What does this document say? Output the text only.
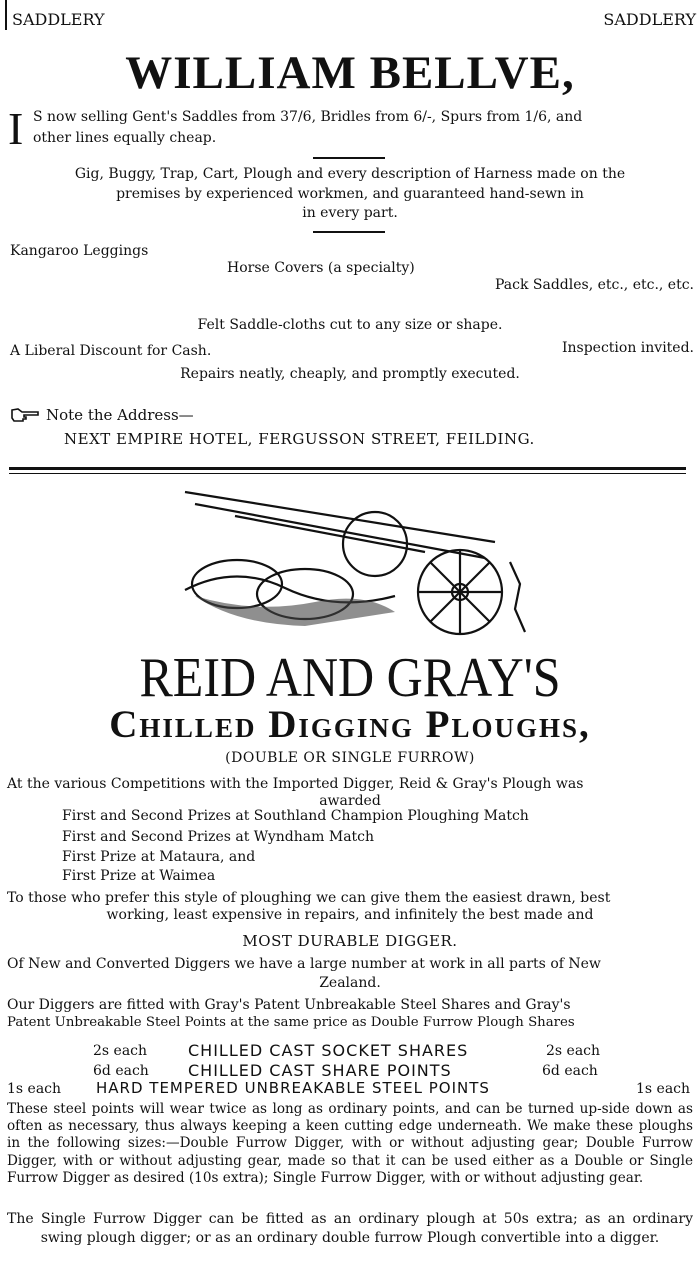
SADDLERY	SADDLERY
WILLIAM BELLVE,
I S now selling Gent's Saddles from 37/6, Bridles from 6/-, Spurs from 1/6, and
other lines equally cheap.
Gig, Buggy, Trap, Cart, Plough and every description of Harness made on the
premises by experienced workmen, and guaranteed hand-sewn in
in every part.
Kangaroo Leggings
Horse Covers (a specialty)
Pack Saddles, etc., etc., etc.
Felt Saddle-cloths cut to any size or shape.
A Liberal Discount for Cash.	Inspection invited.
Repairs neatly, cheaply, and promptly executed.
Note the Address—
NEXT EMPIRE HOTEL, FERGUSSON STREET, FEILDING.
REID AND GRAY'S
Chilled Digging Ploughs,
(DOUBLE OR SINGLE FURROW)
At the various Competitions with the Imported Digger, Reid & Gray's Plough was
awarded
First and Second Prizes at Southland Champion Ploughing Match
First and Second Prizes at Wyndham Match
First Prize at Mataura, and
First Prize at Waimea
To those who prefer this style of ploughing we can give them the easiest drawn, best
working, least expensive in repairs, and infinitely the best made and
MOST DURABLE DIGGER.
Of New and Converted Diggers we have a large number at work in all parts of New
Zealand.
Our Diggers are fitted with Gray's Patent Unbreakable Steel Shares and Gray's
Patent Unbreakable Steel Points at the same price as Double Furrow Plough Shares
2s each	CHILLED CAST SOCKET SHARES	2s each
6d each CHILLED CAST SHARE POINTS	6d each
1s each HARD TEMPERED UNBREAKABLE STEEL POINTS	1s each
These steel points will wear twice as long as ordinary points, and can be turned up-side down as often as necessary, thus always keeping a keen cutting edge underneath. We make these ploughs in the following sizes:—Double Furrow Digger, with or without adjusting gear; Double Furrow Digger, with or without adjusting gear, made so that it can be used either as a Double or Single Furrow Digger as desired (10s extra); Single Furrow Digger, with or without adjusting gear.
The Single Furrow Digger can be fitted as an ordinary plough at 50s extra; as an ordinary swing plough digger; or as an ordinary double furrow Plough convertible into a digger.
